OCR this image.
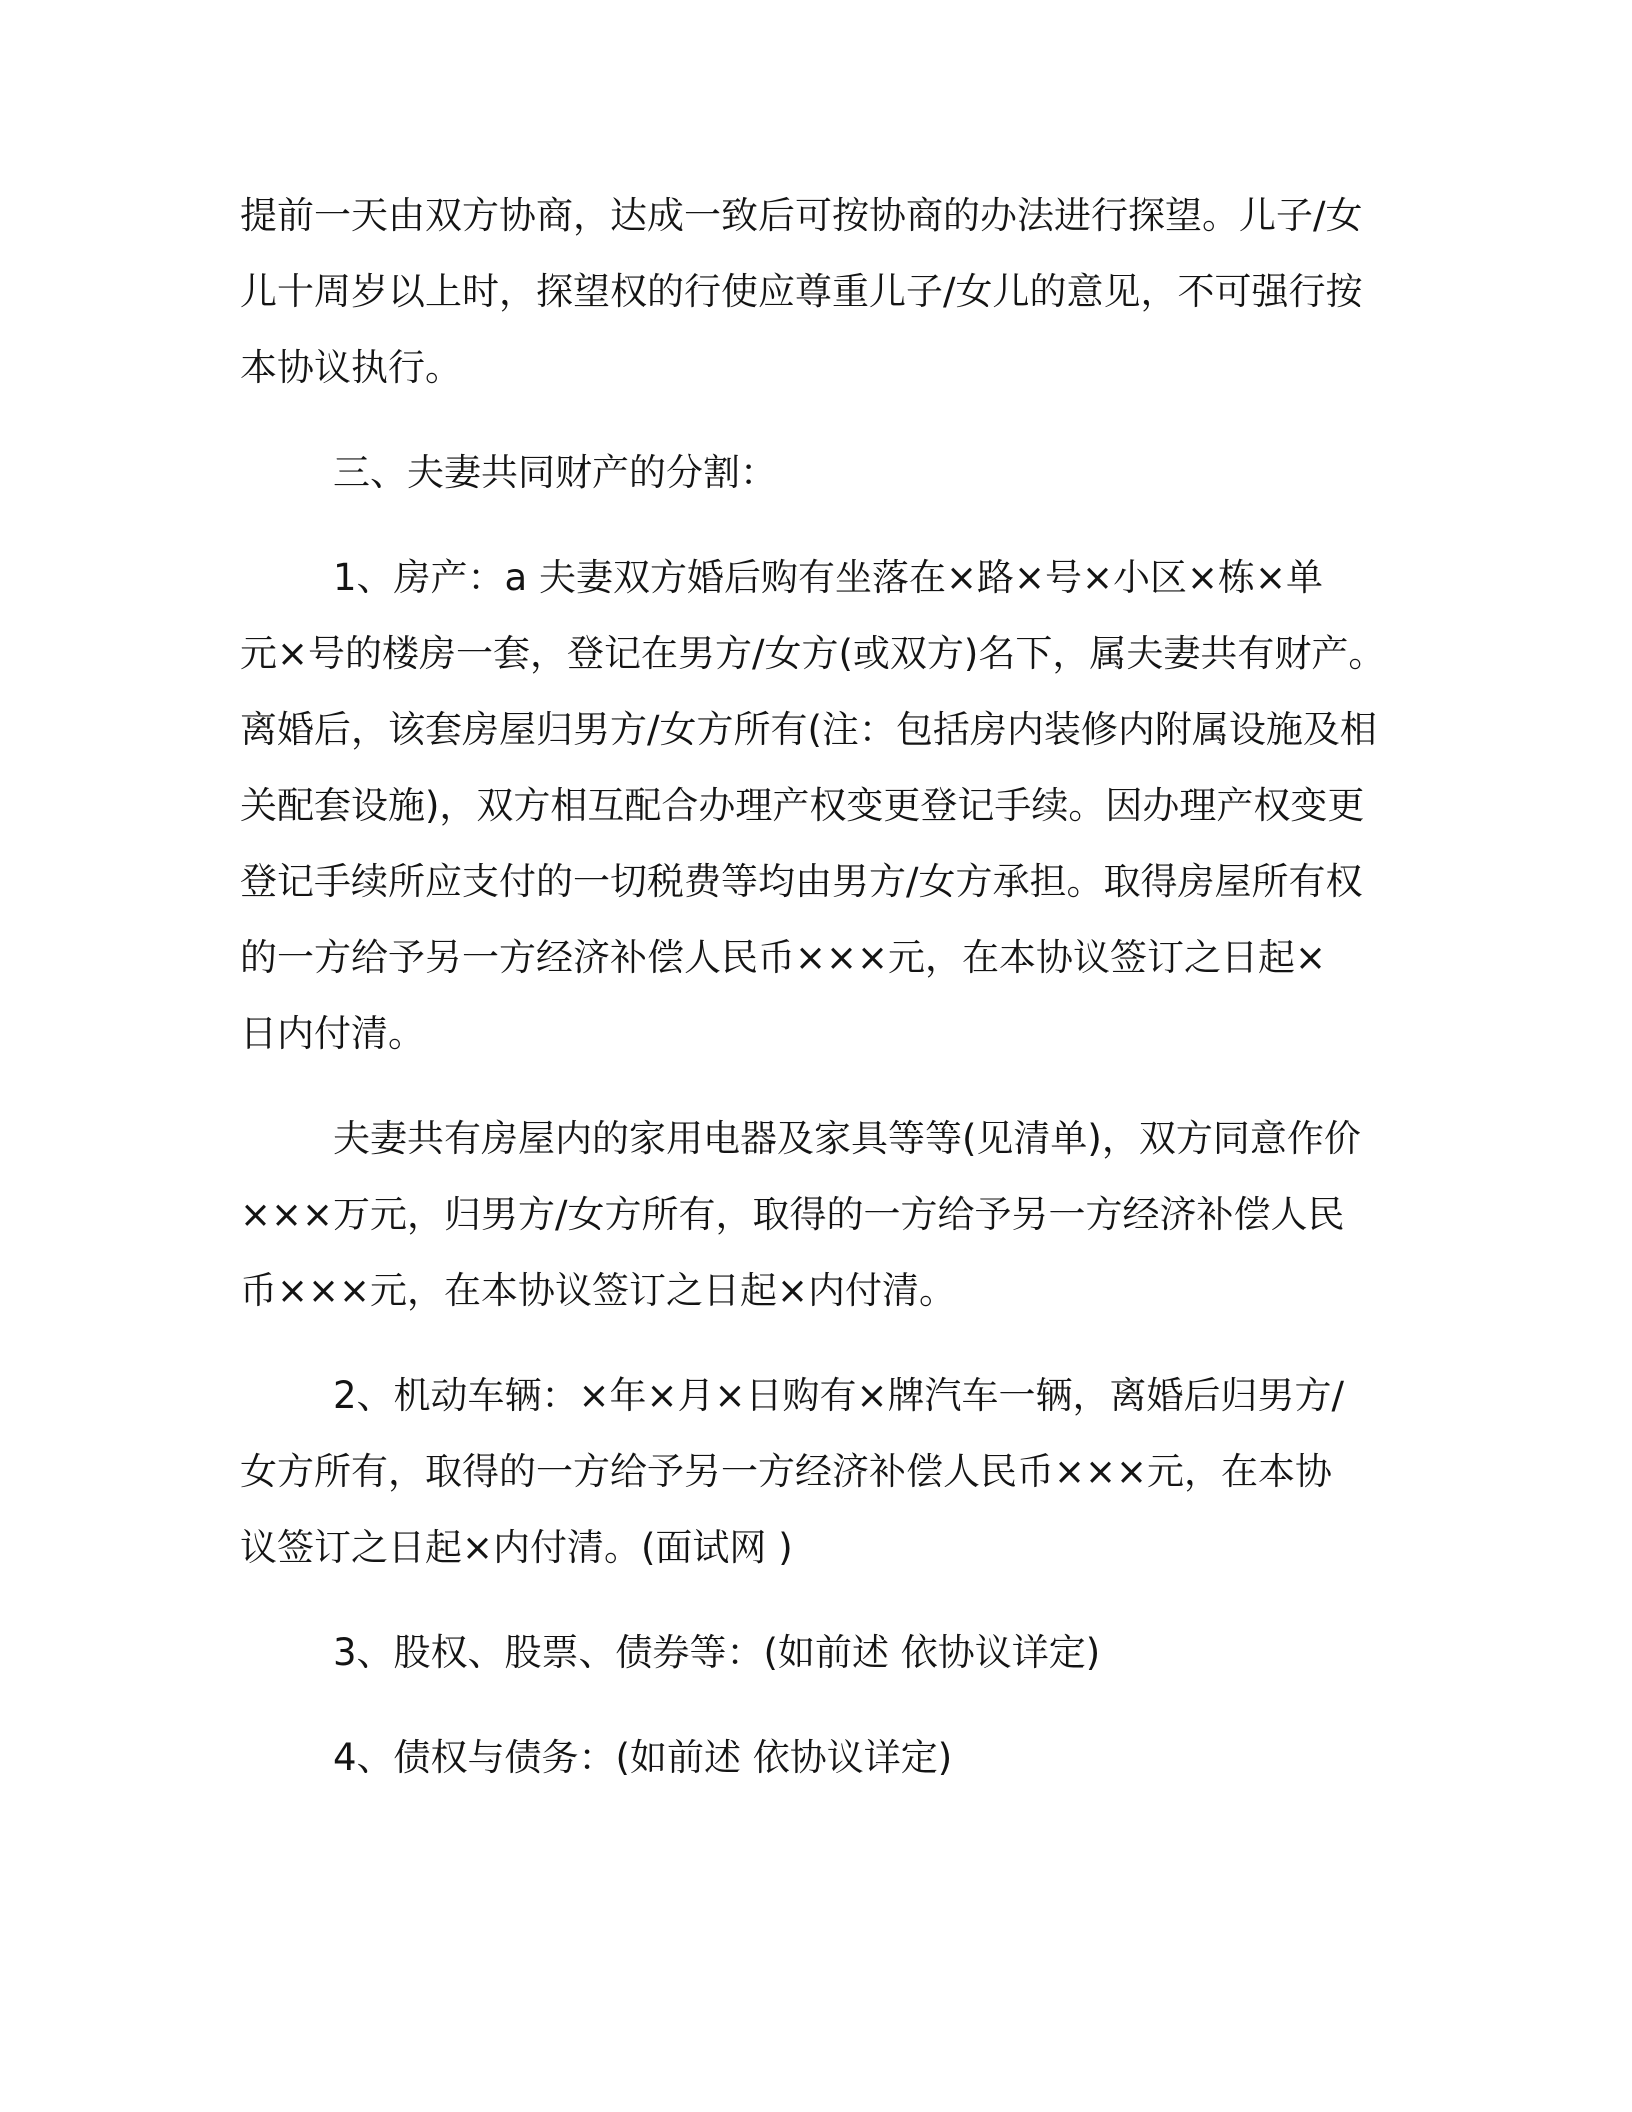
提前一天由双方协商，达成一致后可按协商的办法进行探望。儿子/女

儿十周岁以上时，探望权的行使应尊重儿子/女儿的意见，不可强行按

本协议执行。

三、夫妻共同财产的分割：

1、房产：a 夫妻双方婚后购有坐落在×路×号×小区×栋×单

元×号的楼房一套，登记在男方/女方(或双方)名下，属夫妻共有财产。

离婚后，该套房屋归男方/女方所有(注：包括房内装修内附属设施及相

关配套设施)，双方相互配合办理产权变更登记手续。因办理产权变更

登记手续所应支付的一切税费等均由男方/女方承担。取得房屋所有权

的一方给予另一方经济补偿人民币×××元，在本协议签订之日起×

日内付清。

夫妻共有房屋内的家用电器及家具等等(见清单)，双方同意作价

×××万元，归男方/女方所有，取得的一方给予另一方经济补偿人民

币×××元，在本协议签订之日起×内付清。

2、机动车辆：×年×月×日购有×牌汽车一辆，离婚后归男方/

女方所有，取得的一方给予另一方经济补偿人民币×××元，在本协

议签订之日起×内付清。(面试网 )

3、股权、股票、债券等：(如前述 依协议详定)

4、债权与债务：(如前述 依协议详定)
